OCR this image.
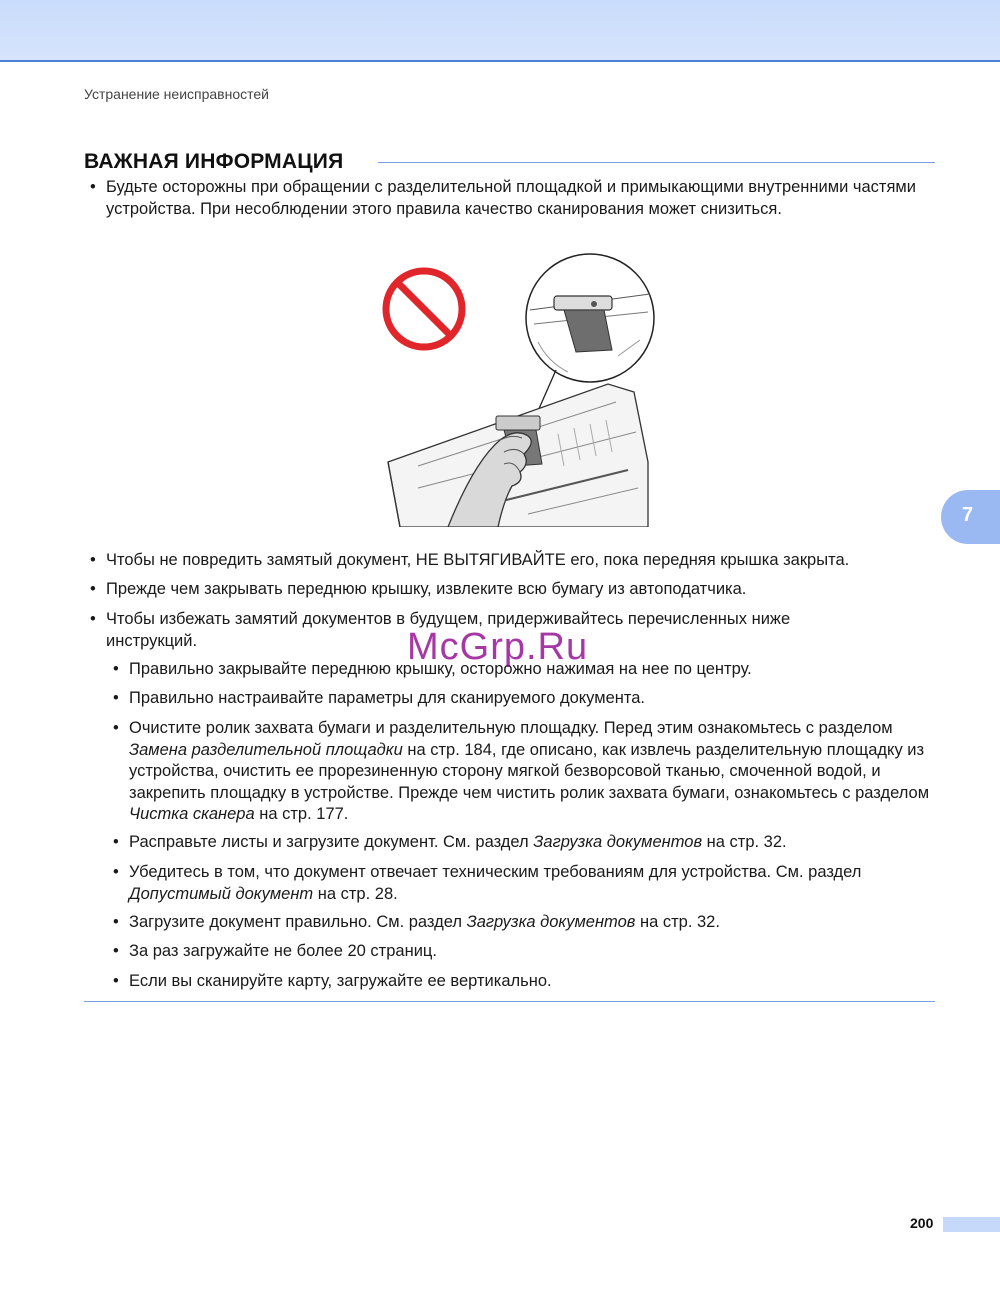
Устранение неисправностей
ВАЖНАЯ ИНФОРМАЦИЯ
• Будьте осторожны при обращении с разделительной площадкой и примыкающими внутренними частями устройства. При несоблюдении этого правила качество сканирования может снизиться.
• Чтобы не повредить замятый документ, НЕ ВЫТЯГИВАЙТЕ его, пока передняя крышка закрыта.
• Прежде чем закрывать переднюю крышку, извлеките всю бумагу из автоподатчика.
• Чтобы избежать замятий документов в будущем, придерживайтесь перечисленных ниже инструкций.
• Правильно закрывайте переднюю крышку, осторожно нажимая на нее по центру.
• Правильно настраивайте параметры для сканируемого документа.
• Очистите ролик захвата бумаги и разделительную площадку. Перед этим ознакомьтесь с разделом Замена разделительной площадки на стр. 184, где описано, как извлечь разделительную площадку из устройства, очистить ее прорезиненную сторону мягкой безворсовой тканью, смоченной водой, и закрепить площадку в устройстве. Прежде чем чистить ролик захвата бумаги, ознакомьтесь с разделом Чистка сканера на стр. 177.
• Расправьте листы и загрузите документ. См. раздел Загрузка документов на стр. 32.
• Убедитесь в том, что документ отвечает техническим требованиям для устройства. См. раздел Допустимый документ на стр. 28.
• Загрузите документ правильно. См. раздел Загрузка документов на стр. 32.
• За раз загружайте не более 20 страниц.
• Если вы сканируйте карту, загружайте ее вертикально.
McGrp.Ru
7
200
